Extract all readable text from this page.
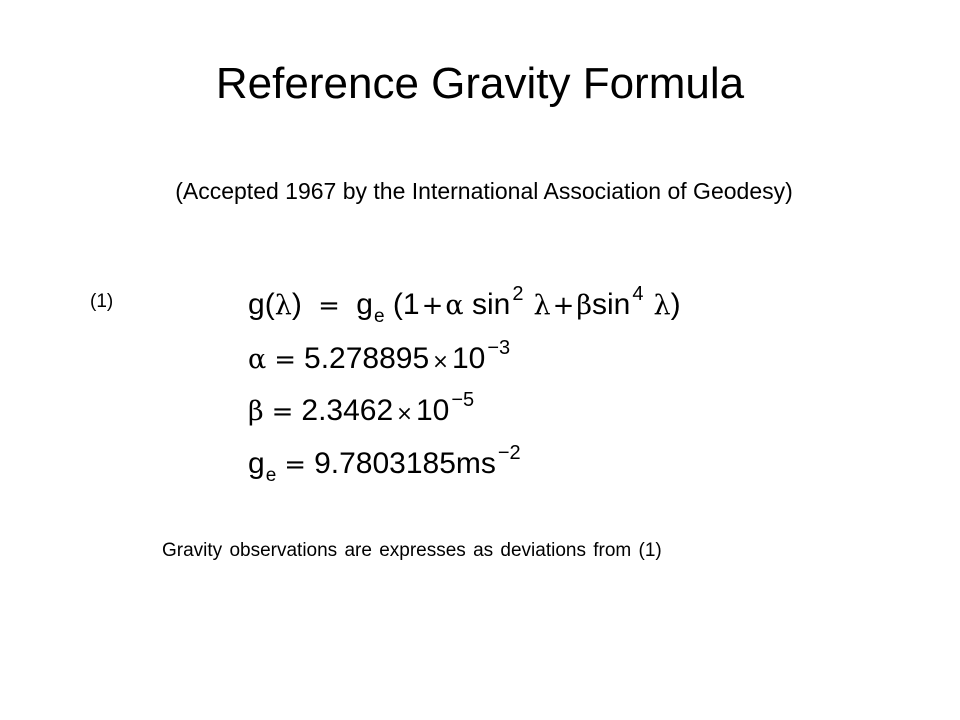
Reference Gravity Formula
(Accepted 1967 by the International Association of Geodesy)
(1)	$g(\lambda) = g_e$ (1+α sin $^2$ λ+βsin $^4$ λ)
α = 5.278895 × 10 $^{-3}$
β = 2.3462 × 10 $^{-5}$
$g_e = 9.7803185ms$ $^{-2}$
Gravity observations are expresses as deviations from (1)
